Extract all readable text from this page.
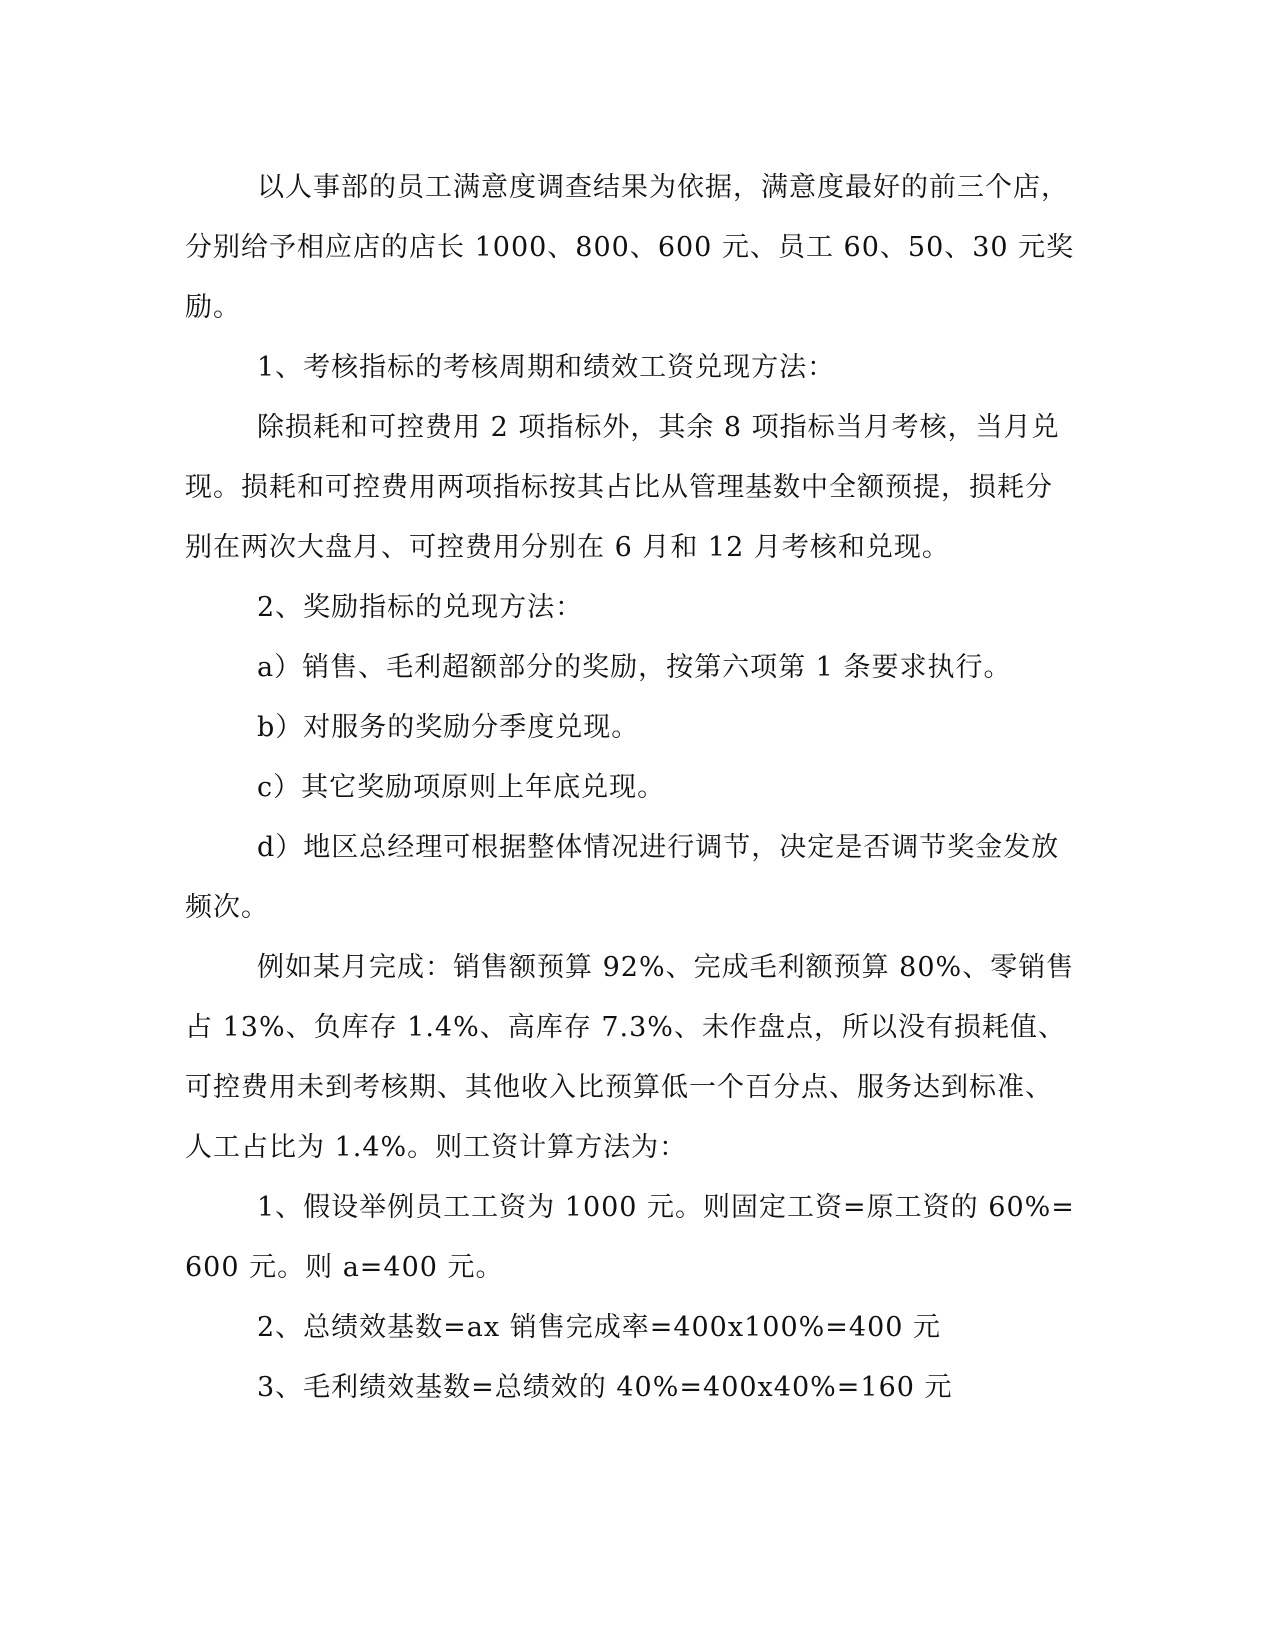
以人事部的员工满意度调查结果为依据，满意度最好的前三个店，分别给予相应店的店长 1000、800、600 元、员工 60、50、30 元奖励。

1、考核指标的考核周期和绩效工资兑现方法：

除损耗和可控费用 2 项指标外，其余 8 项指标当月考核，当月兑现。损耗和可控费用两项指标按其占比从管理基数中全额预提，损耗分别在两次大盘月、可控费用分别在 6 月和 12 月考核和兑现。

2、奖励指标的兑现方法：

a）销售、毛利超额部分的奖励，按第六项第 1 条要求执行。

b）对服务的奖励分季度兑现。

c）其它奖励项原则上年底兑现。

d）地区总经理可根据整体情况进行调节，决定是否调节奖金发放频次。

例如某月完成：销售额预算 92%、完成毛利额预算 80%、零销售占 13%、负库存 1.4%、高库存 7.3%、未作盘点，所以没有损耗值、可控费用未到考核期、其他收入比预算低一个百分点、服务达到标准、人工占比为 1.4%。则工资计算方法为：

1、假设举例员工工资为 1000 元。则固定工资=原工资的 60%=600 元。则 a=400 元。

2、总绩效基数=ax 销售完成率=400x100%=400 元

3、毛利绩效基数=总绩效的 40%=400x40%=160 元
